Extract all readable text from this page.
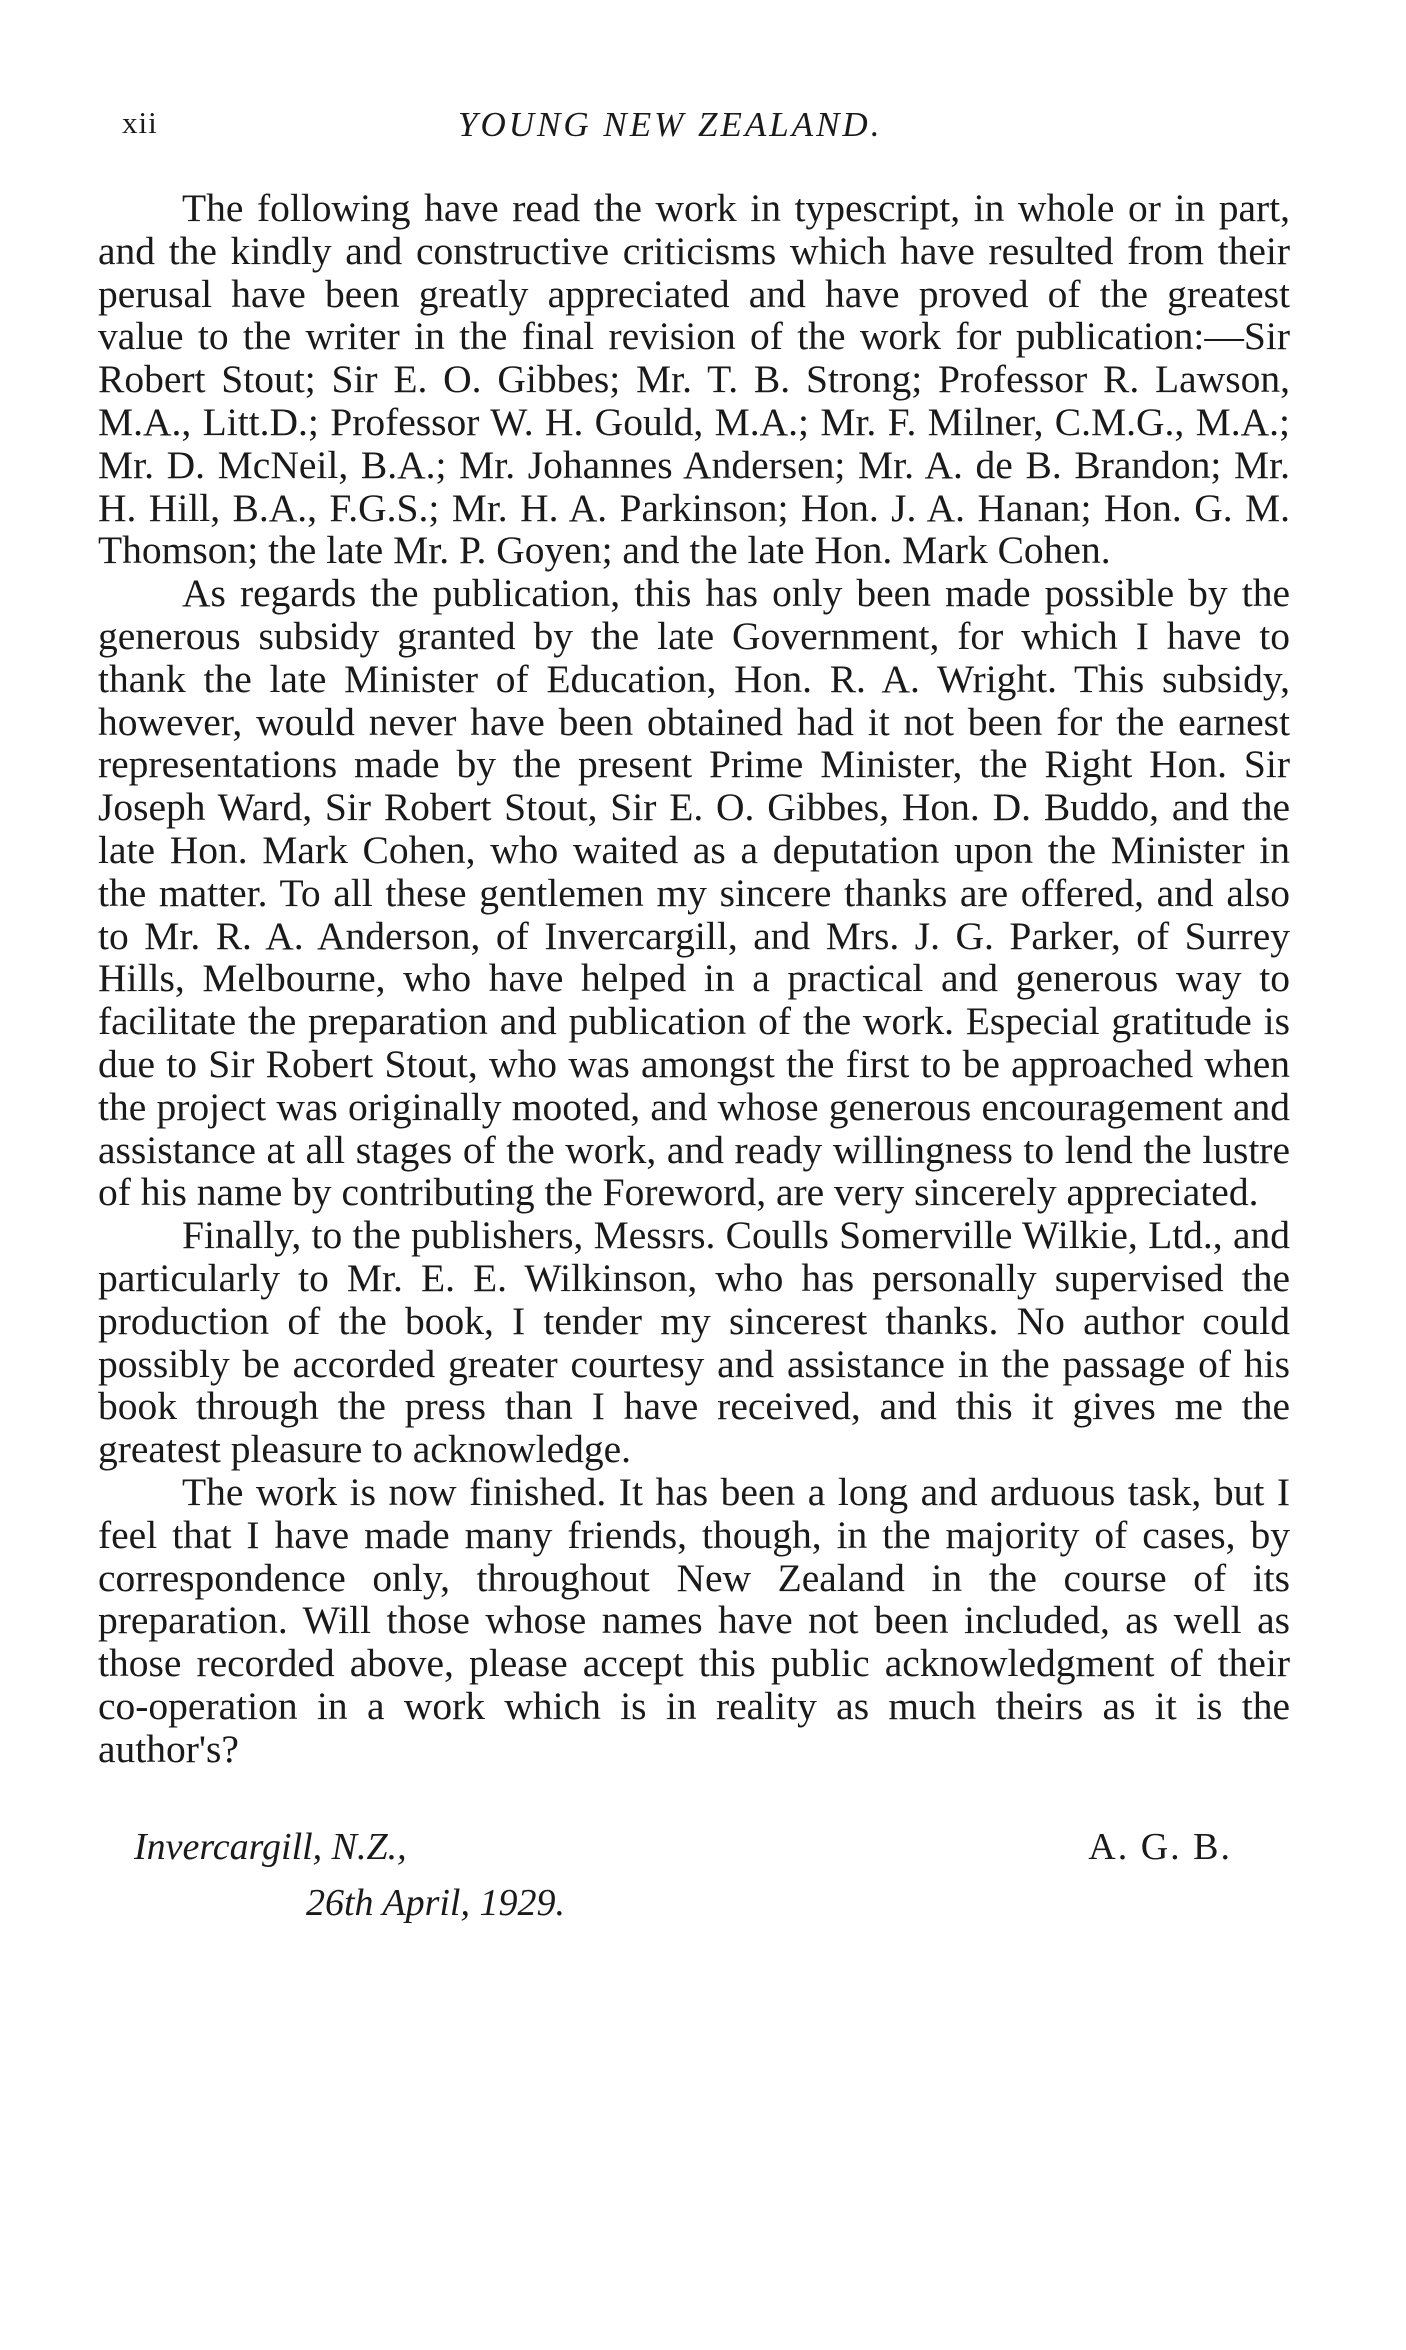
xii	YOUNG NEW ZEALAND.

The following have read the work in typescript, in whole or in part, and the kindly and constructive criticisms which have resulted from their perusal have been greatly appreciated and have proved of the greatest value to the writer in the final revision of the work for publication:—Sir Robert Stout; Sir E. O. Gibbes; Mr. T. B. Strong; Professor R. Lawson, M.A., Litt.D.; Professor W. H. Gould, M.A.; Mr. F. Milner, C.M.G., M.A.; Mr. D. McNeil, B.A.; Mr. Johannes Andersen; Mr. A. de B. Brandon; Mr. H. Hill, B.A., F.G.S.; Mr. H. A. Parkinson; Hon. J. A. Hanan; Hon. G. M. Thomson; the late Mr. P. Goyen; and the late Hon. Mark Cohen.

As regards the publication, this has only been made possible by the generous subsidy granted by the late Government, for which I have to thank the late Minister of Education, Hon. R. A. Wright. This subsidy, however, would never have been obtained had it not been for the earnest representations made by the present Prime Minister, the Right Hon. Sir Joseph Ward, Sir Robert Stout, Sir E. O. Gibbes, Hon. D. Buddo, and the late Hon. Mark Cohen, who waited as a deputation upon the Minister in the matter. To all these gentlemen my sincere thanks are offered, and also to Mr. R. A. Anderson, of Invercargill, and Mrs. J. G. Parker, of Surrey Hills, Melbourne, who have helped in a practical and generous way to facilitate the preparation and publication of the work. Especial gratitude is due to Sir Robert Stout, who was amongst the first to be approached when the project was originally mooted, and whose generous encouragement and assistance at all stages of the work, and ready willingness to lend the lustre of his name by contributing the Foreword, are very sincerely appreciated.

Finally, to the publishers, Messrs. Coulls Somerville Wilkie, Ltd., and particularly to Mr. E. E. Wilkinson, who has personally supervised the production of the book, I tender my sincerest thanks. No author could possibly be accorded greater courtesy and assistance in the passage of his book through the press than I have received, and this it gives me the greatest pleasure to acknowledge.

The work is now finished. It has been a long and arduous task, but I feel that I have made many friends, though, in the majority of cases, by correspondence only, throughout New Zealand in the course of its preparation. Will those whose names have not been included, as well as those recorded above, please accept this public acknowledgment of their co-operation in a work which is in reality as much theirs as it is the author's?

Invercargill, N.Z.,
26th April, 1929.
A. G. B.
